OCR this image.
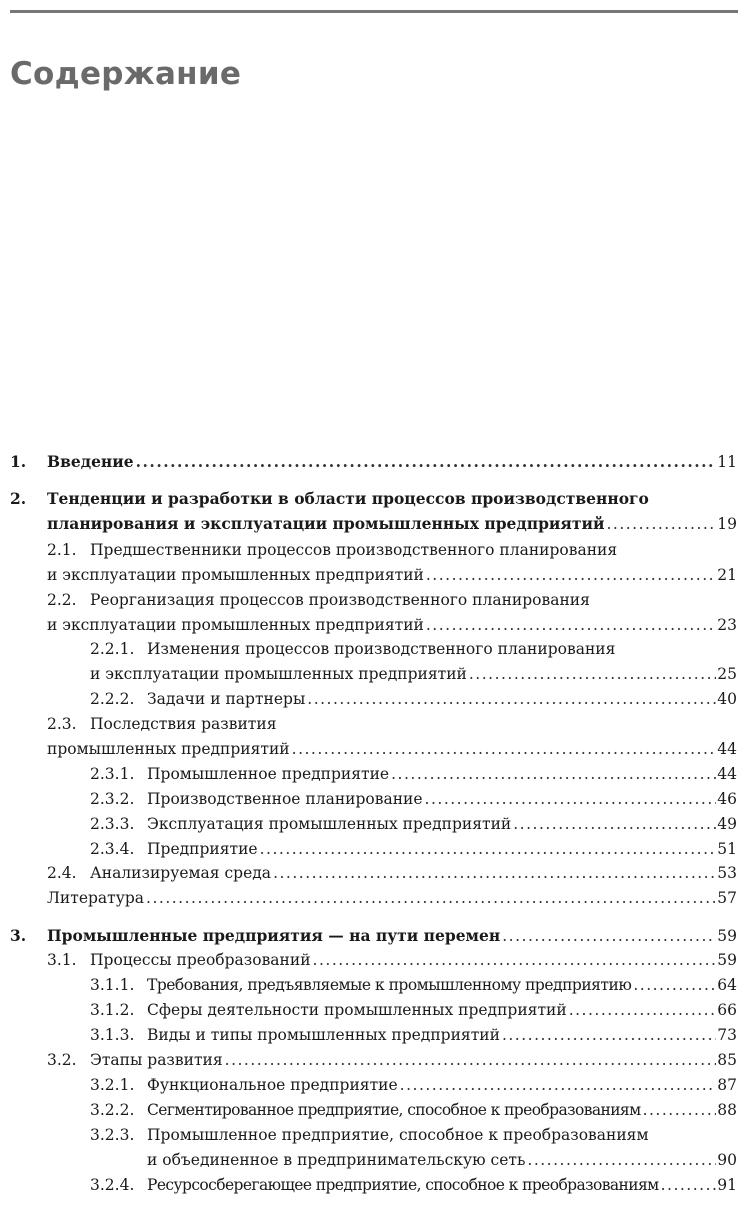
Содержание
1. Введение .....	11
2. Тенденции и разработки в области процессов производственного
планирования и эксплуатации промышленных предприятий .....	19
2.1. Предшественники процессов производственного планирования
и эксплуатации промышленных предприятий .....	21
2.2. Реорганизация процессов производственного планирования
и эксплуатации промышленных предприятий .....	23
2.2.1. Изменения процессов производственного планирования
и эксплуатации промышленных предприятий .....	25
2.2.2. Задачи и партнеры .....	40
2.3. Последствия развития
промышленных предприятий .....	44
2.3.1. Промышленное предприятие .....	44
2.3.2. Производственное планирование .....	46
2.3.3. Эксплуатация промышленных предприятий .....	49
2.3.4. Предприятие .....	51
2.4. Анализируемая среда .....	53
Литература .....	57
3. Промышленные предприятия — на пути перемен .....	59
3.1. Процессы преобразований .....	59
3.1.1. Требования, предъявляемые к промышленному предприятию .....	64
3.1.2. Сферы деятельности промышленных предприятий .....	66
3.1.3. Виды и типы промышленных предприятий .....	73
3.2. Этапы развития .....	85
3.2.1. Функциональное предприятие .....	87
3.2.2. Сегментированное предприятие, способное к преобразованиям .....	88
3.2.3. Промышленное предприятие, способное к преобразованиям
и объединенное в предпринимательскую сеть .....	90
3.2.4. Ресурсосберегающее предприятие, способное к преобразованиям .....	91
